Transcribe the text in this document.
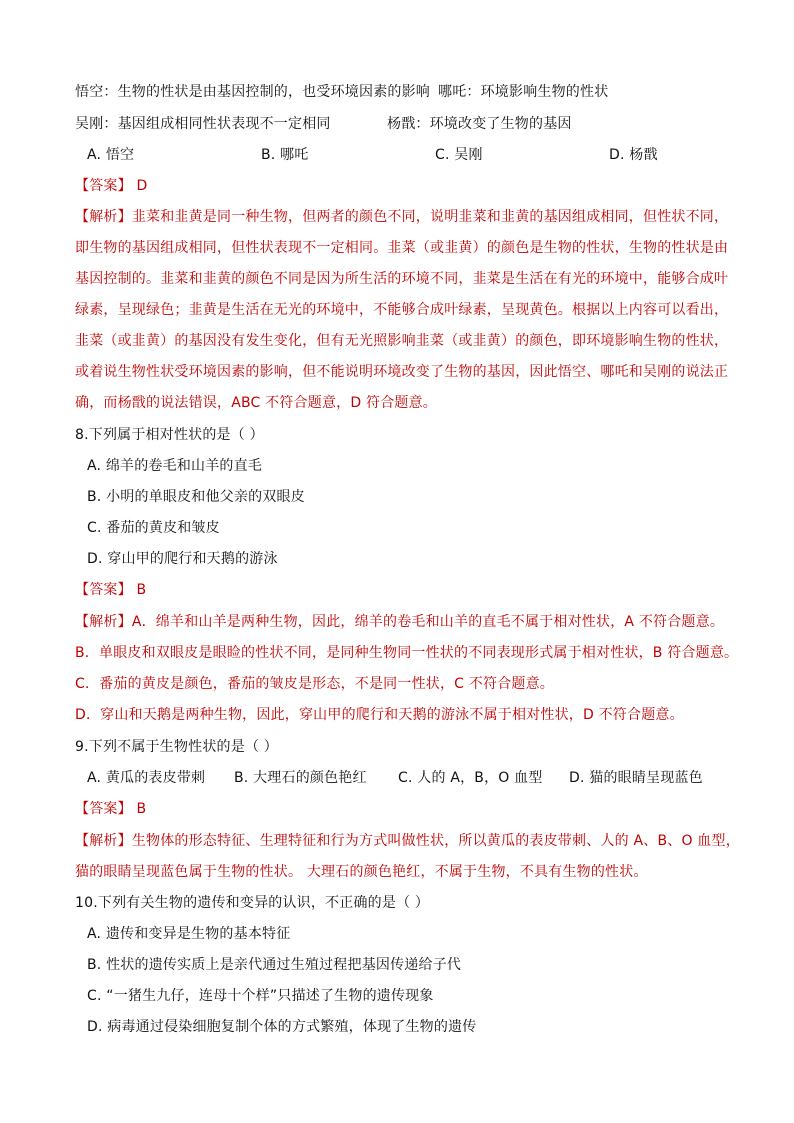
悟空：生物的性状是由基因控制的，也受环境因素的影响 哪吒：环境影响生物的性状
吴刚：基因组成相同性状表现不一定相同	杨戬：环境改变了生物的基因
A. 悟空	B. 哪吒	C. 吴刚	D. 杨戬
【答案】 D
【解析】韭菜和韭黄是同一种生物，但两者的颜色不同，说明韭菜和韭黄的基因组成相同，但性状不同，
即生物的基因组成相同，但性状表现不一定相同。韭菜（或韭黄）的颜色是生物的性状，生物的性状是由
基因控制的。韭菜和韭黄的颜色不同是因为所生活的环境不同，韭菜是生活在有光的环境中，能够合成叶
绿素，呈现绿色；韭黄是生活在无光的环境中，不能够合成叶绿素，呈现黄色。根据以上内容可以看出，
韭菜（或韭黄）的基因没有发生变化，但有无光照影响韭菜（或韭黄）的颜色，即环境影响生物的性状，
或着说生物性状受环境因素的影响，但不能说明环境改变了生物的基因，因此悟空、哪吒和吴刚的说法正
确，而杨戬的说法错误，ABC 不符合题意，D 符合题意。
8.下列属于相对性状的是（ ）
A. 绵羊的卷毛和山羊的直毛
B. 小明的单眼皮和他父亲的双眼皮
C. 番茄的黄皮和皱皮
D. 穿山甲的爬行和天鹅的游泳
【答案】 B
【解析】A．绵羊和山羊是两种生物，因此，绵羊的卷毛和山羊的直毛不属于相对性状，A 不符合题意。
B．单眼皮和双眼皮是眼睑的性状不同，是同种生物同一性状的不同表现形式属于相对性状，B 符合题意。
C．番茄的黄皮是颜色，番茄的皱皮是形态，不是同一性状，C 不符合题意。
D．穿山和天鹅是两种生物，因此，穿山甲的爬行和天鹅的游泳不属于相对性状，D 不符合题意。
9.下列不属于生物性状的是（ ）
A. 黄瓜的表皮带刺 B. 大理石的颜色艳红 C. 人的 A，B，O 血型 D. 猫的眼睛呈现蓝色
【答案】 B
【解析】生物体的形态特征、生理特征和行为方式叫做性状，所以黄瓜的表皮带刺、人的 A、B、O 血型，
猫的眼睛呈现蓝色属于生物的性状。 大理石的颜色艳红，不属于生物，不具有生物的性状。
10.下列有关生物的遗传和变异的认识，不正确的是（ ）
A. 遗传和变异是生物的基本特征
B. 性状的遗传实质上是亲代通过生殖过程把基因传递给子代
C. “一猪生九仔，连母十个样”只描述了生物的遗传现象
D. 病毒通过侵染细胞复制个体的方式繁殖，体现了生物的遗传
